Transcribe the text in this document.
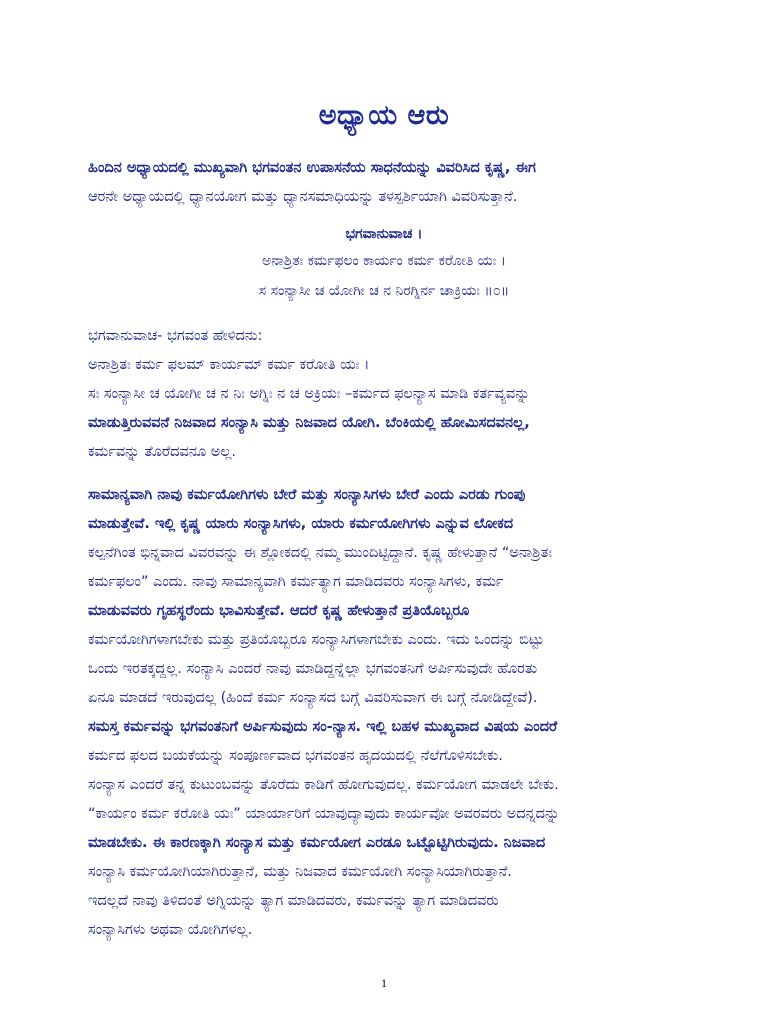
ಅಧ್ಯಾಯ ಆರು

ಹಿಂದಿನ ಅಧ್ಯಾಯದಲ್ಲಿ ಮುಖ್ಯವಾಗಿ ಭಗವಂತನ ಉಪಾಸನೆಯ ಸಾಧನೆಯನ್ನು ವಿವರಿಸಿದ ಕೃಷ್ಣ, ಈಗ

ಆರನೇ ಅಧ್ಯಾಯದಲ್ಲಿ ಧ್ಯಾನಯೋಗ ಮತ್ತು ಧ್ಯಾನಸಮಾಧಿಯನ್ನು ತಳಸ್ಪರ್ಶಿಯಾಗಿ ವಿವರಿಸುತ್ತಾನೆ.

ಭಗವಾನುವಾಚ ।

ಅನಾಶ್ರಿತಃ ಕರ್ಮಫಲಂ ಕಾರ್ಯಂ ಕರ್ಮ ಕರೋತಿ ಯಃ ।

ಸ ಸಂನ್ಯಾಸೀ ಚ ಯೋಗೀ ಚ ನ ನಿರಗ್ನಿರ್ನ ಚಾಕ್ರಿಯಃ ॥೦॥

ಭಗವಾನುವಾಚ- ಭಗವಂತ ಹೇಳಿದನು:

ಅನಾಶ್ರಿತಃ ಕರ್ಮ ಫಲಮ್ ಕಾರ್ಯಮ್ ಕರ್ಮ ಕರೋತಿ ಯಃ ।

ಸಃ ಸಂನ್ಯಾಸೀ ಚ ಯೋಗೀ ಚ ನ ನಿಃ ಅಗ್ನಿಃ ನ ಚ ಅಕ್ರಿಯಃ –ಕರ್ಮದ ಫಲನ್ಯಾಸ ಮಾಡಿ ಕರ್ತವ್ಯವನ್ನು

ಮಾಡುತ್ತಿರುವವನೆ ನಿಜವಾದ ಸಂನ್ಯಾಸಿ ಮತ್ತು ನಿಜವಾದ ಯೋಗಿ. ಬೆಂಕಿಯಲ್ಲಿ ಹೋಮಿಸದವನಲ್ಲ,

ಕರ್ಮವನ್ನು ತೊರೆದವನೂ ಅಲ್ಲ.

ಸಾಮಾನ್ಯವಾಗಿ ನಾವು ಕರ್ಮಯೋಗಿಗಳು ಬೇರೆ ಮತ್ತು ಸಂನ್ಯಾಸಿಗಳು ಬೇರೆ ಎಂದು ಎರಡು ಗುಂಪು

ಮಾಡುತ್ತೇವೆ. ಇಲ್ಲಿ ಕೃಷ್ಣ ಯಾರು ಸಂನ್ಯಾಸಿಗಳು, ಯಾರು ಕರ್ಮಯೋಗಿಗಳು ಎನ್ನುವ ಲೋಕದ

ಕಲ್ಪನೆಗಿಂತ ಭಿನ್ನವಾದ ವಿವರವನ್ನು ಈ ಶ್ಲೋಕದಲ್ಲಿ ನಮ್ಮ ಮುಂದಿಟ್ಟಿದ್ದಾನೆ. ಕೃಷ್ಣ ಹೇಳುತ್ತಾನೆ “ಅನಾಶ್ರಿತಃ

ಕರ್ಮಫಲಂ” ಎಂದು. ನಾವು ಸಾಮಾನ್ಯವಾಗಿ ಕರ್ಮತ್ಯಾಗ ಮಾಡಿದವರು ಸಂನ್ಯಾಸಿಗಳು, ಕರ್ಮ

ಮಾಡುವವರು ಗೃಹಸ್ಥರೆಂದು ಭಾವಿಸುತ್ತೇವೆ. ಆದರೆ ಕೃಷ್ಣ ಹೇಳುತ್ತಾನೆ ಪ್ರತಿಯೊಬ್ಬರೂ

ಕರ್ಮಯೋಗಿಗಳಾಗಬೇಕು ಮತ್ತು ಪ್ರತಿಯೊಬ್ಬರೂ ಸಂನ್ಯಾಸಿಗಳಾಗಬೇಕು ಎಂದು. ಇದು ಒಂದನ್ನು ಬಿಟ್ಟು

ಒಂದು ಇರತಕ್ಕದ್ದಲ್ಲ. ಸಂನ್ಯಾಸಿ ಎಂದರೆ ನಾವು ಮಾಡಿದ್ದನ್ನೆಲ್ಲಾ ಭಗವಂತನಿಗೆ ಅರ್ಪಿಸುವುದೇ ಹೊರತು

ಏನೂ ಮಾಡದೆ ಇರುವುದಲ್ಲ (ಹಿಂದೆ ಕರ್ಮ ಸಂನ್ಯಾಸದ ಬಗ್ಗೆ ವಿವರಿಸುವಾಗ ಈ ಬಗ್ಗೆ ನೋಡಿದ್ದೇವೆ).

ಸಮಸ್ತ ಕರ್ಮವನ್ನು ಭಗವಂತನಿಗೆ ಅರ್ಪಿಸುವುದು ಸಂ-ನ್ಯಾಸ. ಇಲ್ಲಿ ಬಹಳ ಮುಖ್ಯವಾದ ವಿಷಯ ಎಂದರೆ

ಕರ್ಮದ ಫಲದ ಬಯಕೆಯನ್ನು ಸಂಪೂರ್ಣವಾದ ಭಗವಂತನ ಹೃದಯದಲ್ಲಿ ನೆಲೆಗೊಳಿಸಬೇಕು.

ಸಂನ್ಯಾಸ ಎಂದರೆ ತನ್ನ ಕುಟುಂಬವನ್ನು ತೊರೆದು ಕಾಡಿಗೆ ಹೋಗುವುದಲ್ಲ. ಕರ್ಮಯೋಗ ಮಾಡಲೇ ಬೇಕು.

“ಕಾರ್ಯಂ ಕರ್ಮ ಕರೋತಿ ಯಃ” ಯಾರ್ಯಾರಿಗೆ ಯಾವುದ್ಯಾವುದು ಕಾರ್ಯವೋ ಅವರವರು ಅದನ್ನದನ್ನು

ಮಾಡಬೇಕು. ಈ ಕಾರಣಕ್ಕಾಗಿ ಸಂನ್ಯಾಸ ಮತ್ತು ಕರ್ಮಯೋಗ ಎರಡೂ ಒಟ್ಟೊಟ್ಟಿಗಿರುವುದು. ನಿಜವಾದ

ಸಂನ್ಯಾಸಿ ಕರ್ಮಯೋಗಿಯಾಗಿರುತ್ತಾನೆ, ಮತ್ತು ನಿಜವಾದ ಕರ್ಮಯೋಗಿ ಸಂನ್ಯಾಸಿಯಾಗಿರುತ್ತಾನೆ.

ಇದಲ್ಲದೆ ನಾವು ತಿಳಿದಂತೆ ಅಗ್ನಿಯನ್ನು ತ್ಯಾಗ ಮಾಡಿದವರು, ಕರ್ಮವನ್ನು ತ್ಯಾಗ ಮಾಡಿದವರು

ಸಂನ್ಯಾಸಿಗಳು ಅಥವಾ ಯೋಗಿಗಳಲ್ಲ.

1
